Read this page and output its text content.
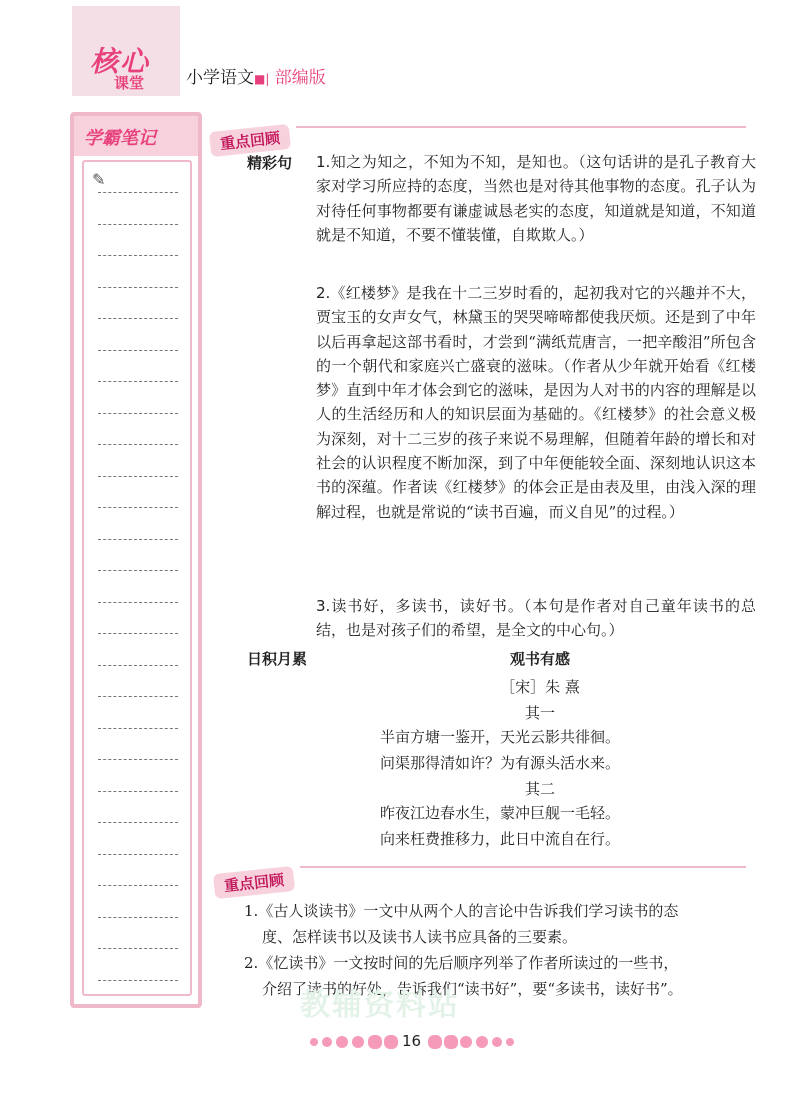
核心
课堂 小学语文■| 部编版
学霸笔记
✎
重点回顾
精彩句 1.知之为知之，不知为不知，是知也。（这句话讲的是孔子教育大家对学习所应持的态度，当然也是对待其他事物的态度。孔子认为对待任何事物都要有谦虚诚恳老实的态度，知道就是知道，不知道就是不知道，不要不懂装懂，自欺欺人。）
2.《红楼梦》是我在十二三岁时看的，起初我对它的兴趣并不大，贾宝玉的女声女气，林黛玉的哭哭啼啼都使我厌烦。还是到了中年以后再拿起这部书看时，才尝到“满纸荒唐言，一把辛酸泪”所包含的一个朝代和家庭兴亡盛衰的滋味。（作者从少年就开始看《红楼梦》直到中年才体会到它的滋味，是因为人对书的内容的理解是以人的生活经历和人的知识层面为基础的。《红楼梦》的社会意义极为深刻，对十二三岁的孩子来说不易理解，但随着年龄的增长和对社会的认识程度不断加深，到了中年便能较全面、深刻地认识这本书的深蕴。作者读《红楼梦》的体会正是由表及里，由浅入深的理解过程，也就是常说的“读书百遍，而义自见”的过程。）
3.读书好，多读书，读好书。（本句是作者对自己童年读书的总结，也是对孩子们的希望，是全文的中心句。）
日积月累	观书有感
［宋］朱 熹
其一
半亩方塘一鉴开，天光云影共徘徊。
问渠那得清如许？为有源头活水来。
其二
昨夜江边春水生，蒙冲巨舰一毛轻。
向来枉费推移力，此日中流自在行。
重点回顾
1.《古人谈读书》一文中从两个人的言论中告诉我们学习读书的态
度、怎样读书以及读书人读书应具备的三要素。
2.《忆读书》一文按时间的先后顺序列举了作者所读过的一些书，
介绍了读书的好处，告诉我们“读书好”，要“多读书，读好书”。
教辅资料站
16
